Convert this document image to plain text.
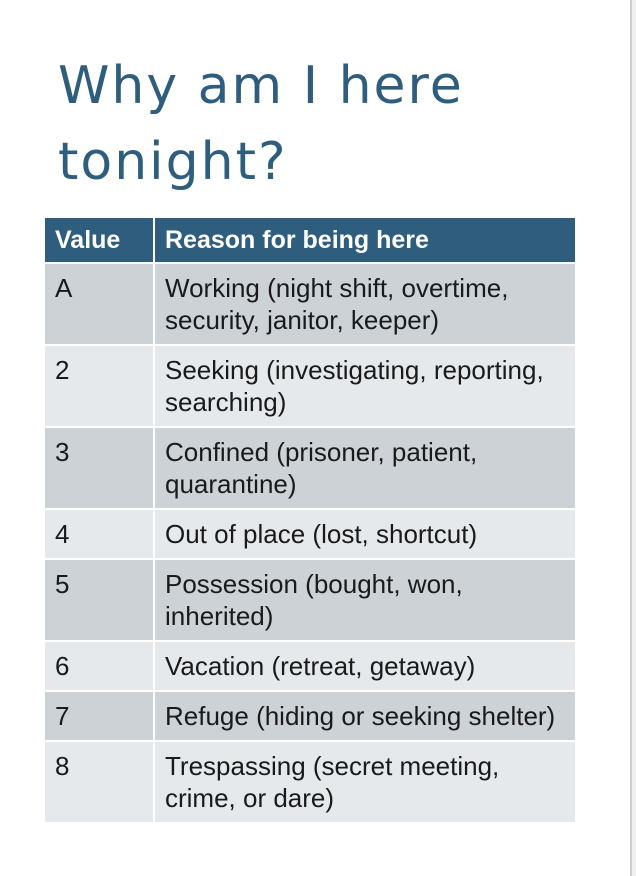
Why am I here tonight?
Value	Reason for being here
A	Working (night shift, overtime, security, janitor, keeper)
2	Seeking (investigating, reporting, searching)
3	Confined (prisoner, patient, quarantine)
4	Out of place (lost, shortcut)
5	Possession (bought, won, inherited)
6	Vacation (retreat, getaway)
7	Refuge (hiding or seeking shelter)
8	Trespassing (secret meeting, crime, or dare)
